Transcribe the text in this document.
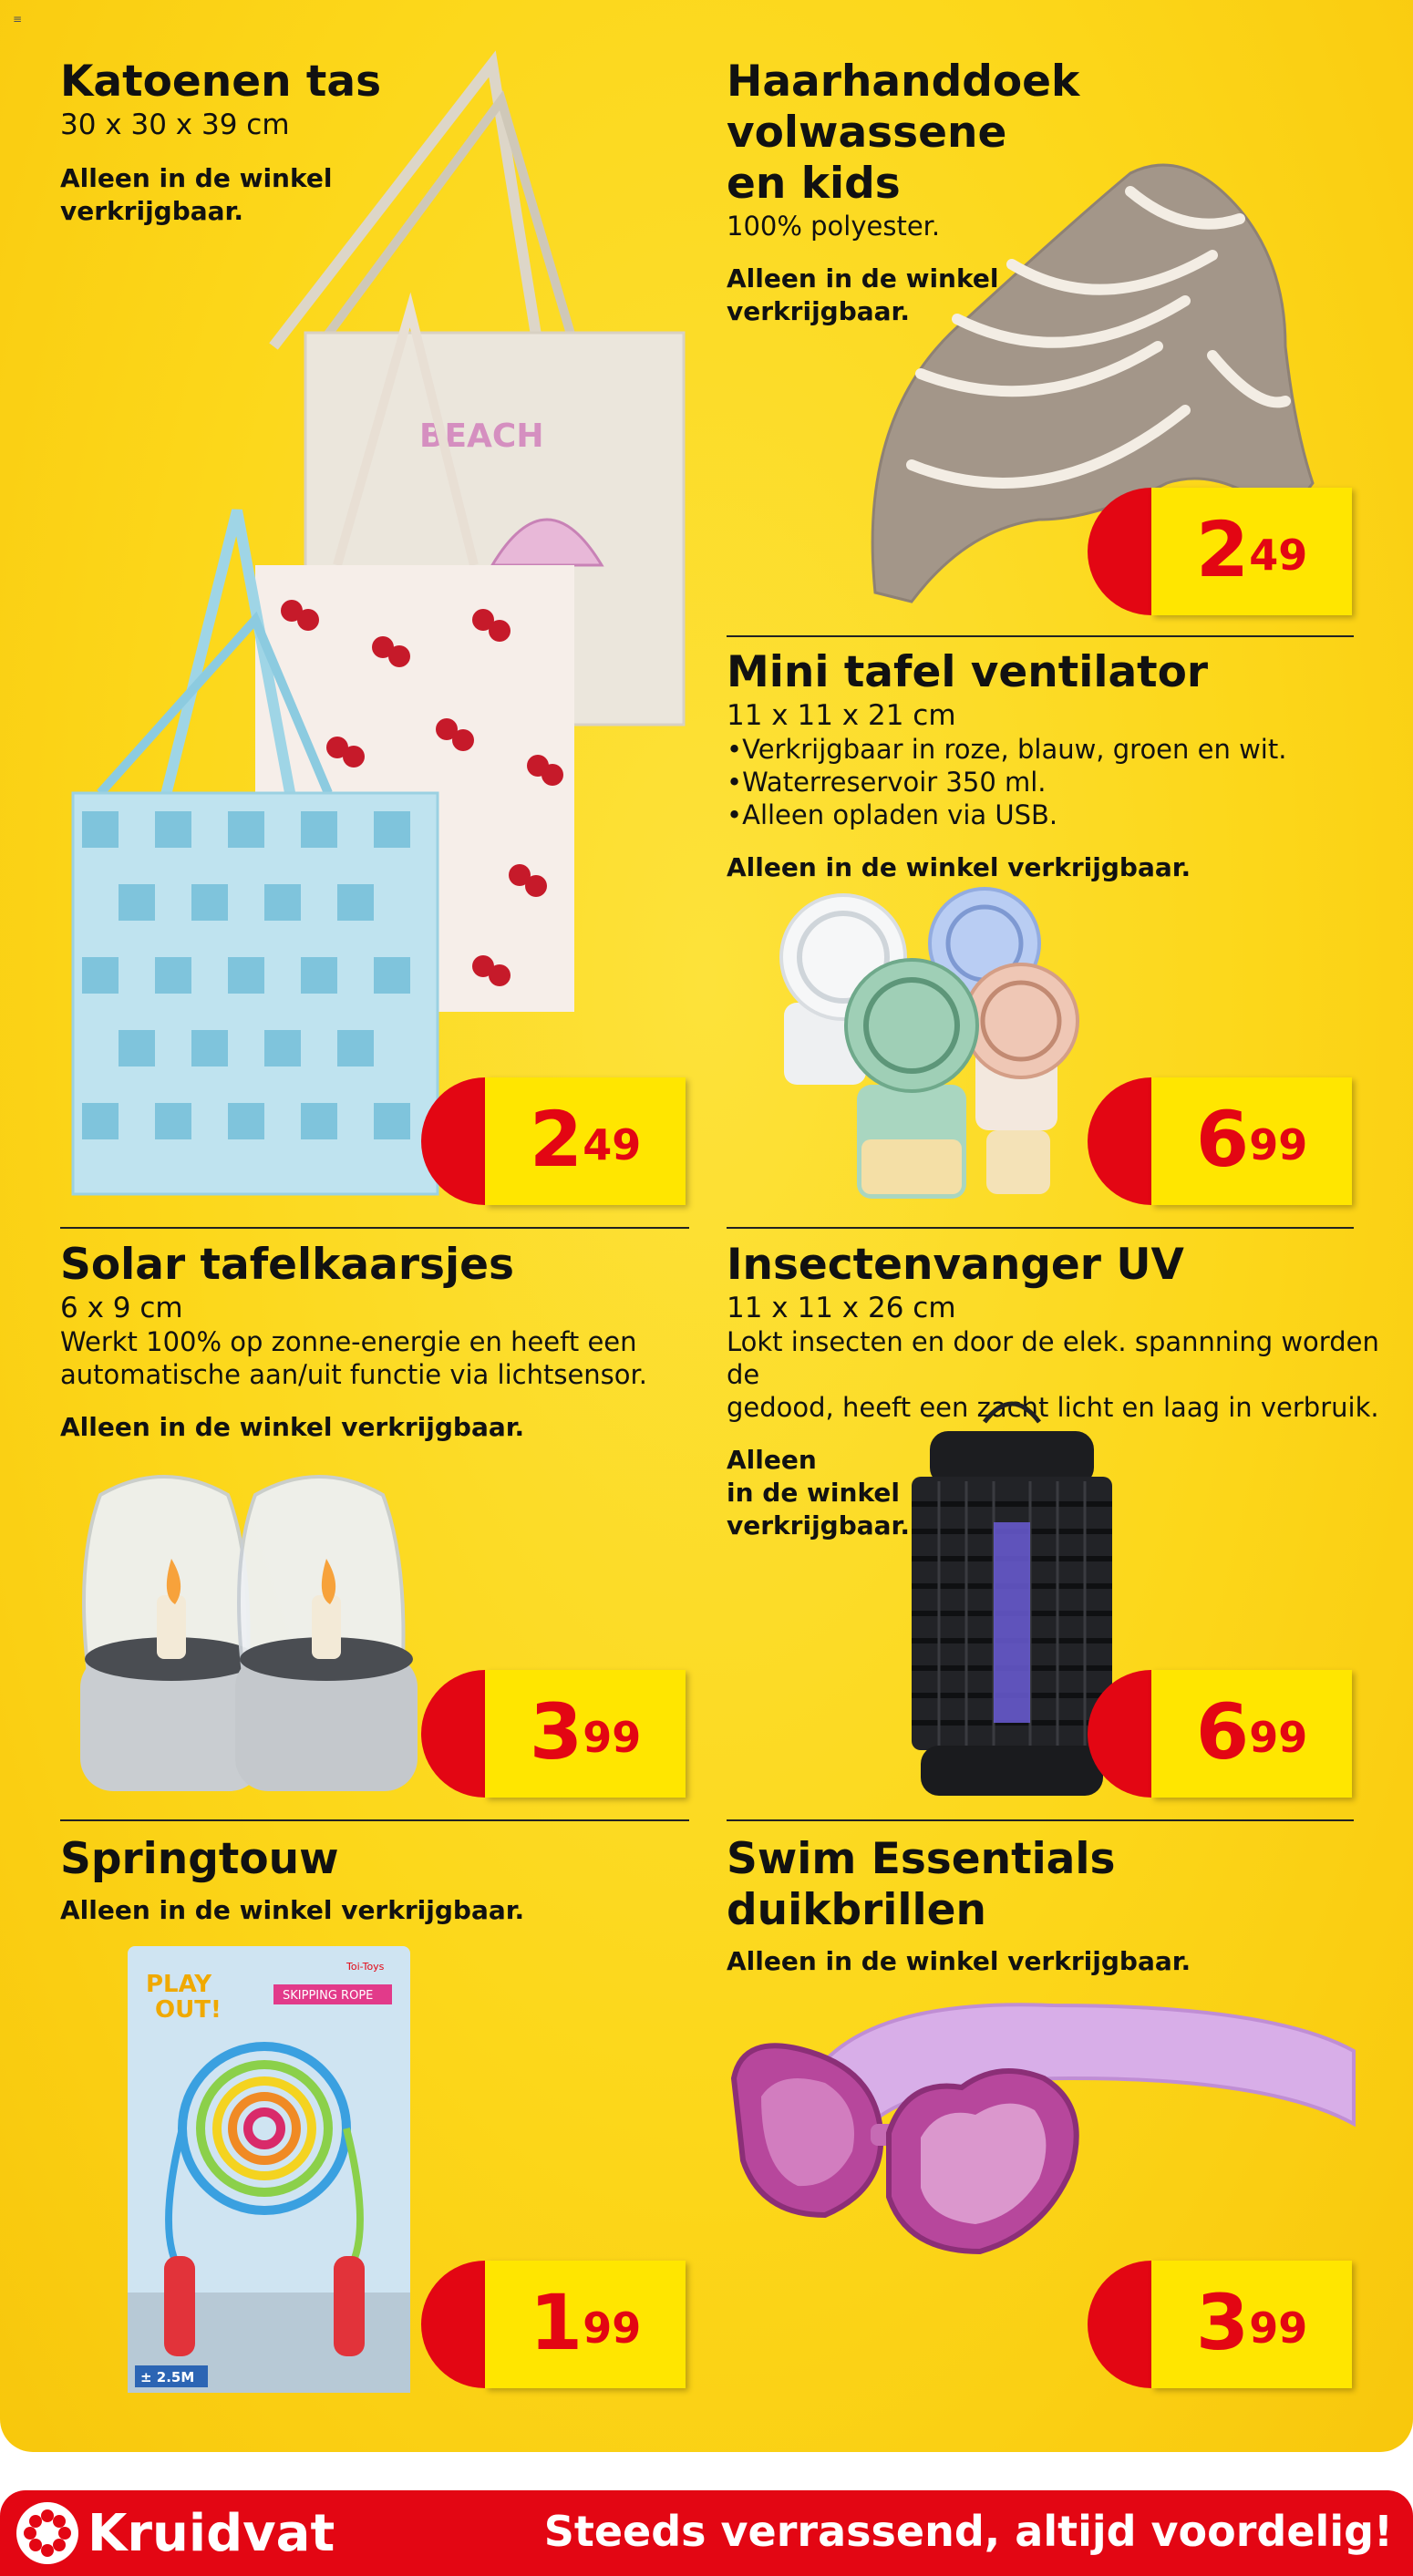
≡
Katoenen tas
30 x 30 x 39 cm
Alleen in de winkel
verkrijgbaar.
BEACH
249
Haarhanddoek volwassene
en kids
100% polyester.
Alleen in de winkel
verkrijgbaar.
249
Mini tafel ventilator
11 x 11 x 21 cm
• Verkrijgbaar in roze, blauw, groen en wit.
• Waterreservoir 350 ml.
• Alleen opladen via USB.
Alleen in de winkel verkrijgbaar.
699
Solar tafelkaarsjes
6 x 9 cm
Werkt 100% op zonne-energie en heeft een
automatische aan/uit functie via lichtsensor.
Alleen in de winkel verkrijgbaar.
399
Insectenvanger UV
11 x 11 x 26 cm
Lokt insecten en door de elek. spannning worden de
gedood, heeft een zacht licht en laag in verbruik.
Alleen
in de winkel
verkrijgbaar.
699
Springtouw
Alleen in de winkel verkrijgbaar.
PLAY
OUT!
Toi-Toys
SKIPPING ROPE
± 2.5M
199
Swim Essentials duikbrillen
Alleen in de winkel verkrijgbaar.
399
Kruidvat	Steeds verrassend, altijd voordelig!
